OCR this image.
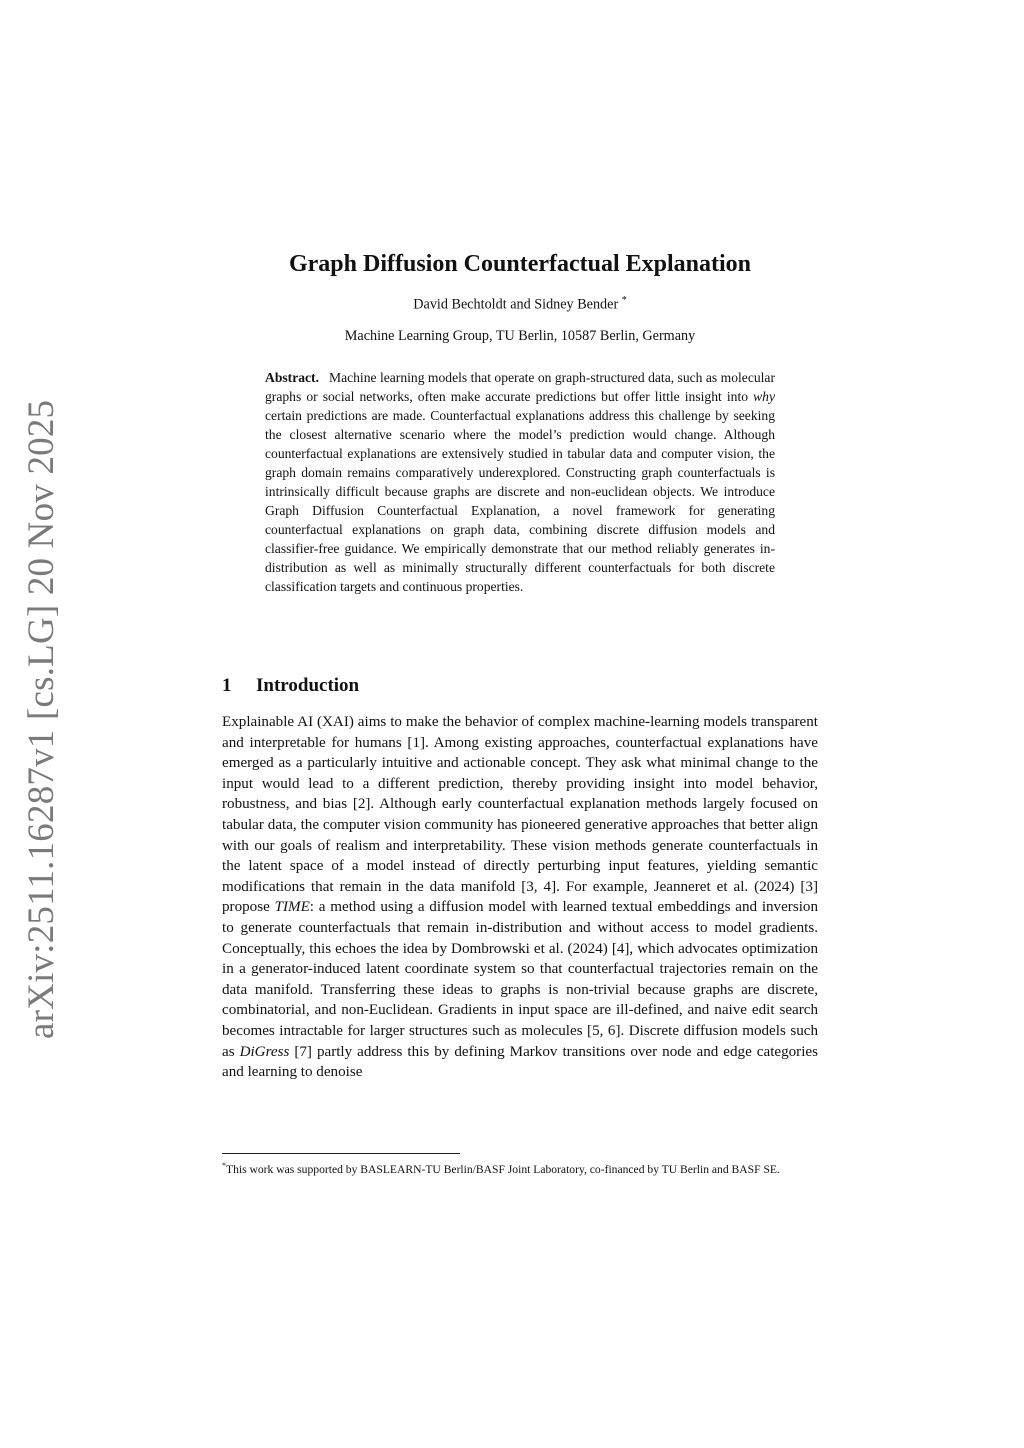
arXiv:2511.16287v1 [cs.LG] 20 Nov 2025
Graph Diffusion Counterfactual Explanation
David Bechtoldt and Sidney Bender *
Machine Learning Group, TU Berlin, 10587 Berlin, Germany
Abstract. Machine learning models that operate on graph-structured data, such as molecular graphs or social networks, often make accurate predictions but offer little insight into why certain predictions are made. Counterfactual explanations address this challenge by seeking the closest alternative scenario where the model’s prediction would change. Although counterfactual explanations are extensively studied in tabular data and computer vision, the graph domain remains comparatively underexplored. Constructing graph counterfactuals is intrinsically difficult because graphs are discrete and non-euclidean objects. We introduce Graph Diffusion Counterfactual Explanation, a novel framework for generating counterfactual explanations on graph data, combining discrete diffusion models and classifier-free guidance. We empirically demonstrate that our method reliably generates in-distribution as well as minimally structurally different counterfactuals for both discrete classification targets and continuous properties.
1 Introduction
Explainable AI (XAI) aims to make the behavior of complex machine-learning models transparent and interpretable for humans [1]. Among existing approaches, counterfactual explanations have emerged as a particularly intuitive and actionable concept. They ask what minimal change to the input would lead to a different prediction, thereby providing insight into model behavior, robustness, and bias [2]. Although early counterfactual explanation methods largely focused on tabular data, the computer vision community has pioneered generative approaches that better align with our goals of realism and interpretability. These vision methods generate counterfactuals in the latent space of a model instead of directly perturbing input features, yielding semantic modifications that remain in the data manifold [3, 4]. For example, Jeanneret et al. (2024) [3] propose TIME: a method using a diffusion model with learned textual embeddings and inversion to generate counterfactuals that remain in-distribution and without access to model gradients. Conceptually, this echoes the idea by Dombrowski et al. (2024) [4], which advocates optimization in a generator-induced latent coordinate system so that counterfactual trajectories remain on the data manifold. Transferring these ideas to graphs is non-trivial because graphs are discrete, combinatorial, and non-Euclidean. Gradients in input space are ill-defined, and naive edit search becomes intractable for larger structures such as molecules [5, 6]. Discrete diffusion models such as DiGress [7] partly address this by defining Markov transitions over node and edge categories and learning to denoise
*This work was supported by BASLEARN-TU Berlin/BASF Joint Laboratory, co-financed by TU Berlin and BASF SE.
